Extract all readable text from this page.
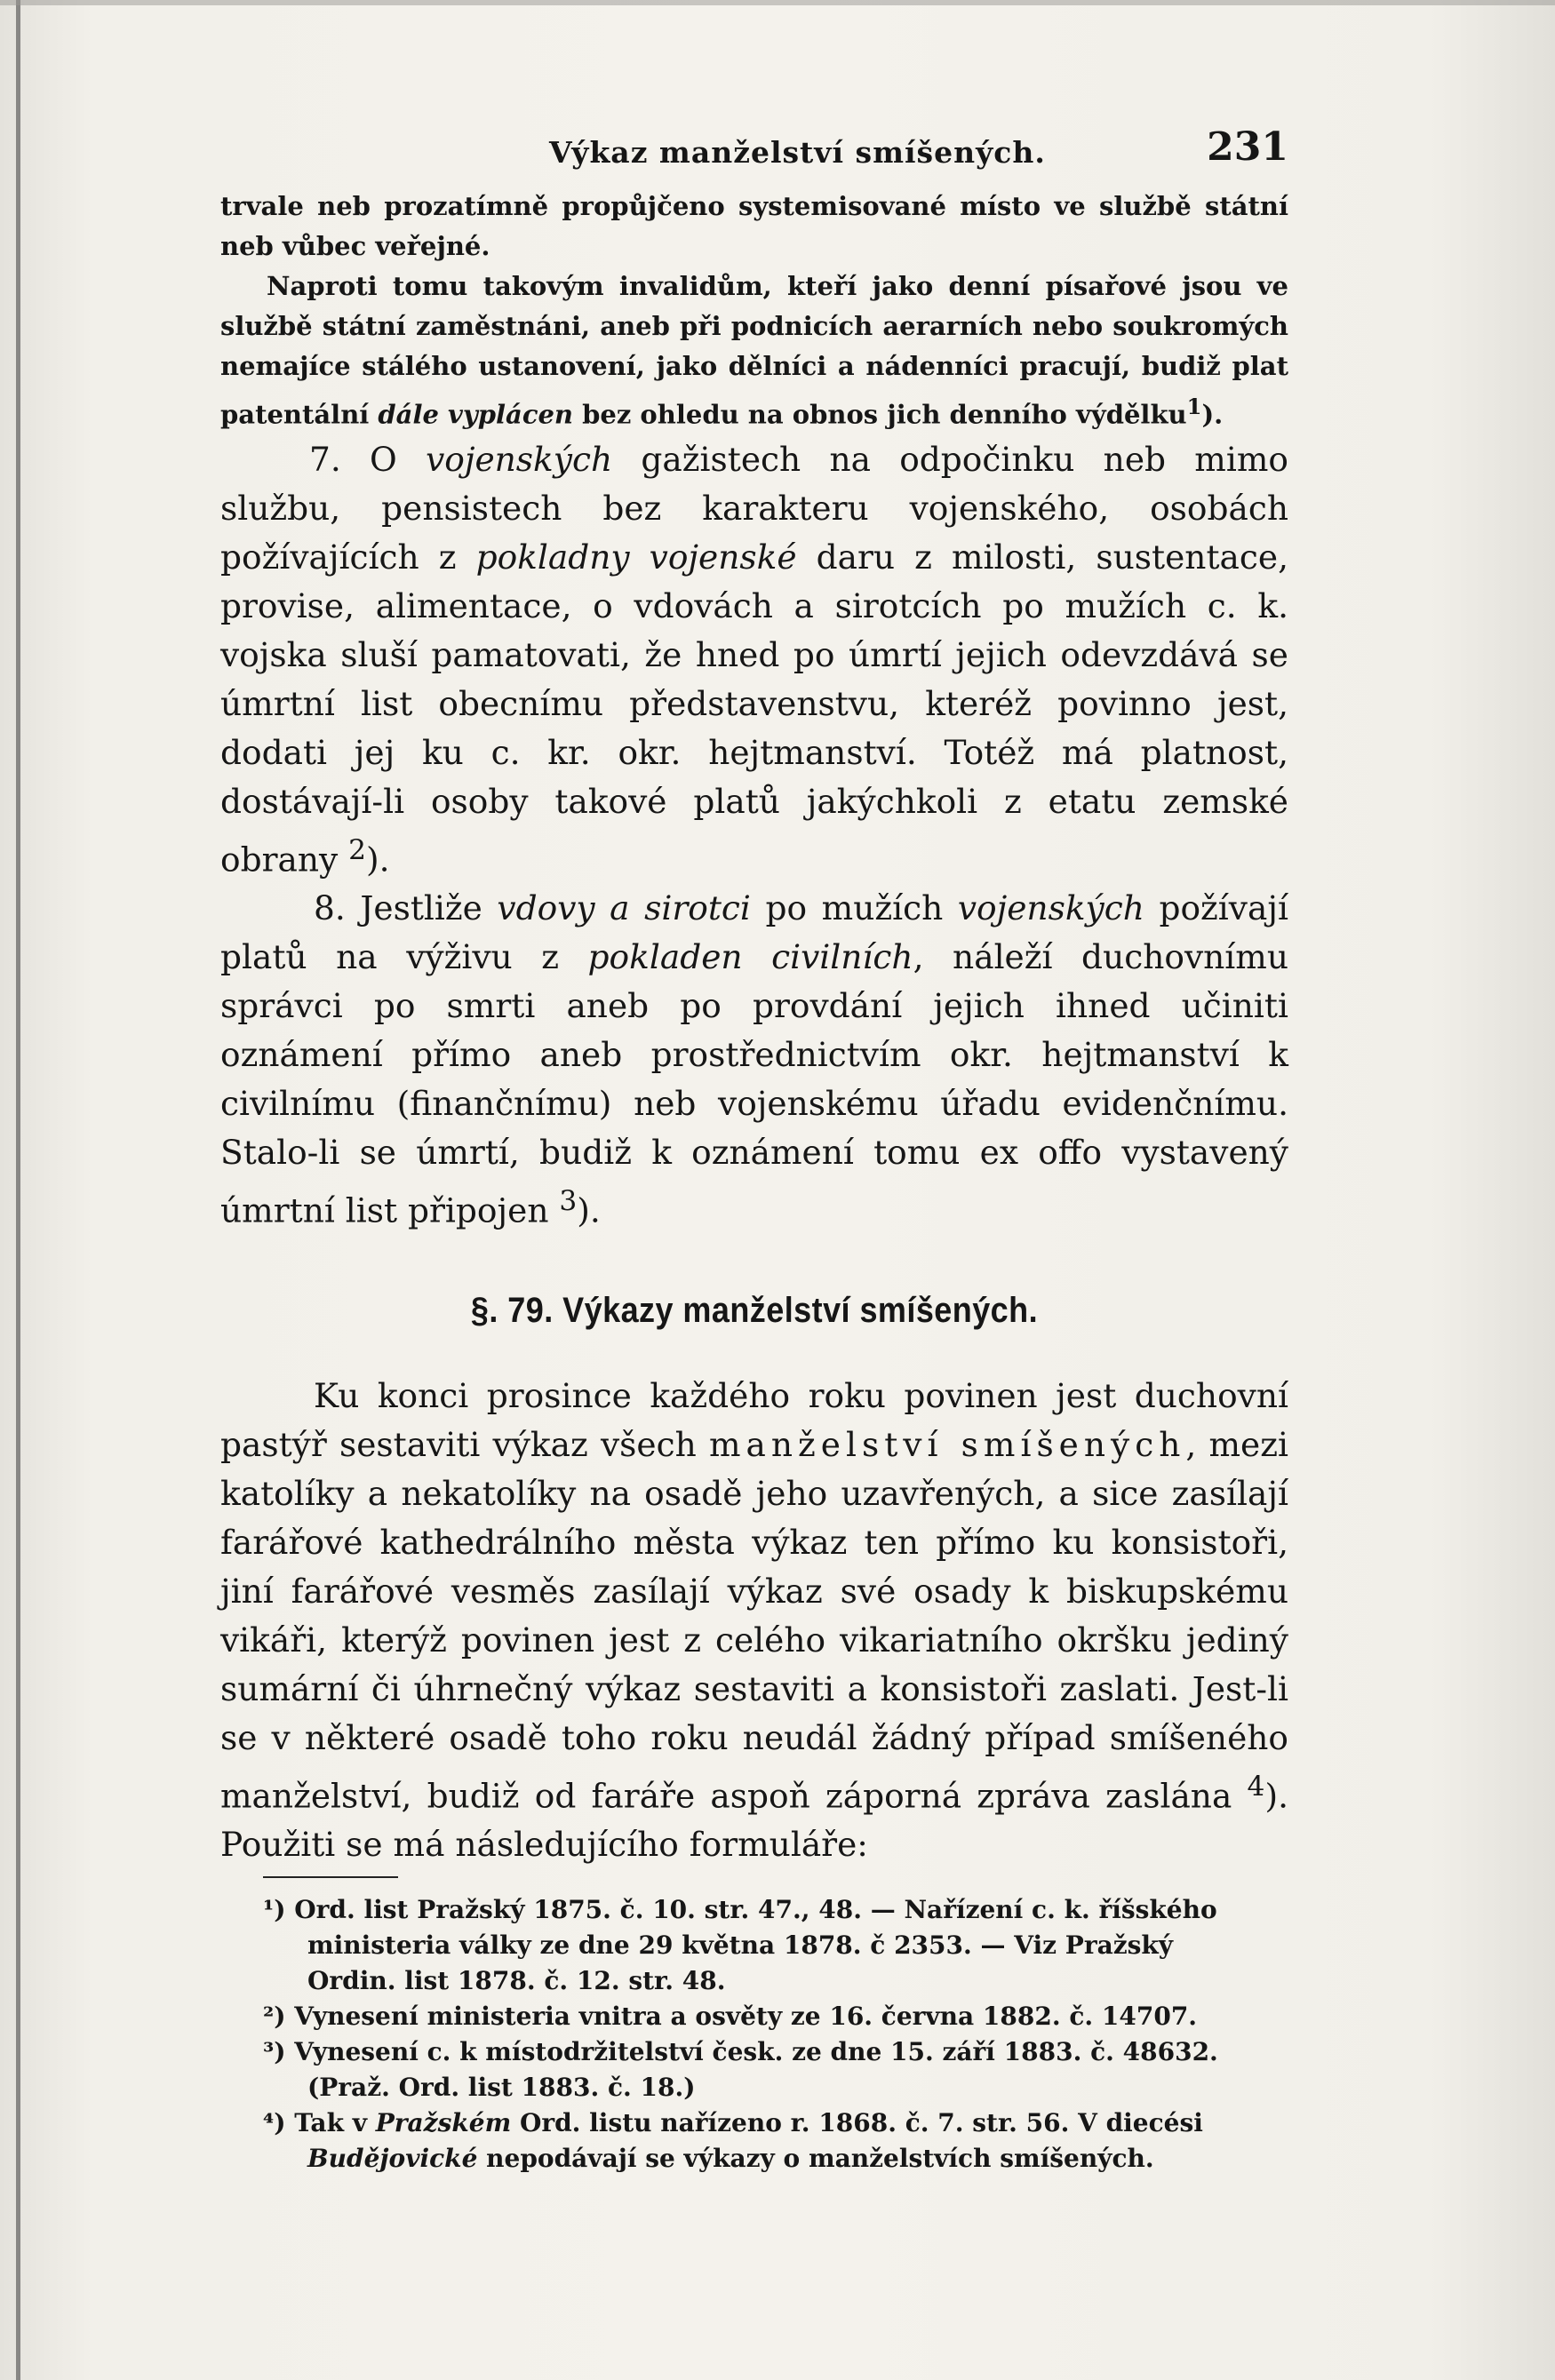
Výkaz manželství smíšených.	231

trvale neb prozatímně propůjčeno systemisované místo ve službě státní neb vůbec veřejné.

Naproti tomu takovým invalidům, kteří jako denní písařové jsou ve službě státní zaměstnáni, aneb při podnicích aerarních nebo soukromých nemajíce stálého ustanovení, jako dělníci a nádenníci pracují, budiž plat patentální dále vyplácen bez ohledu na obnos jich denního výdělku$^1$).

7. O vojenských gažistech na odpočinku neb mimo službu, pensistech bez karakteru vojenského, osobách požívajících z pokladny vojenské daru z milosti, sustentace, provise, alimentace, o vdovách a sirotcích po mužích c. k. vojska sluší pamatovati, že hned po úmrtí jejich odevzdává se úmrtní list obecnímu představenstvu, kteréž povinno jest, dodati jej ku c. kr. okr. hejtmanství. Totéž má platnost, dostávají-li osoby takové platů jakýchkoli z etatu zemské obrany $^2$).

8. Jestliže vdovy a sirotci po mužích vojenských požívají platů na výživu z pokladen civilních, náleží duchovnímu správci po smrti aneb po provdání jejich ihned učiniti oznámení přímo aneb prostřednictvím okr. hejtmanství k civilnímu (finančnímu) neb vojenskému úřadu evidenčnímu. Stalo-li se úmrtí, budiž k oznámení tomu ex offo vystavený úmrtní list připojen $^3$).

§. 79. Výkazy manželství smíšených.

Ku konci prosince každého roku povinen jest duchovní pastýř sestaviti výkaz všech manželství smíšených, mezi katolíky a nekatolíky na osadě jeho uzavřených, a sice zasílají farářové kathedrálního města výkaz ten přímo ku konsistoři, jiní farářové vesměs zasílají výkaz své osady k biskupskému vikáři, kterýž povinen jest z celého vikariatního okršku jediný sumární či úhrnečný výkaz sestaviti a konsistoři zaslati. Jest-li se v některé osadě toho roku neudál žádný případ smíšeného manželství, budiž od faráře aspoň záporná zpráva zaslána $^4$). Použiti se má následujícího formuláře:

¹) Ord. list Pražský 1875. č. 10. str. 47., 48. — Nařízení c. k. říšského
ministeria války ze dne 29 května 1878. č 2353. — Viz Pražský
Ordin. list 1878. č. 12. str. 48.
²) Vynesení ministeria vnitra a osvěty ze 16. června 1882. č. 14707.
³) Vynesení c. k místodržitelství česk. ze dne 15. září 1883. č. 48632.
(Praž. Ord. list 1883. č. 18.)
⁴) Tak v Pražském Ord. listu nařízeno r. 1868. č. 7. str. 56. V diecési
Budějovické nepodávají se výkazy o manželstvích smíšených.
